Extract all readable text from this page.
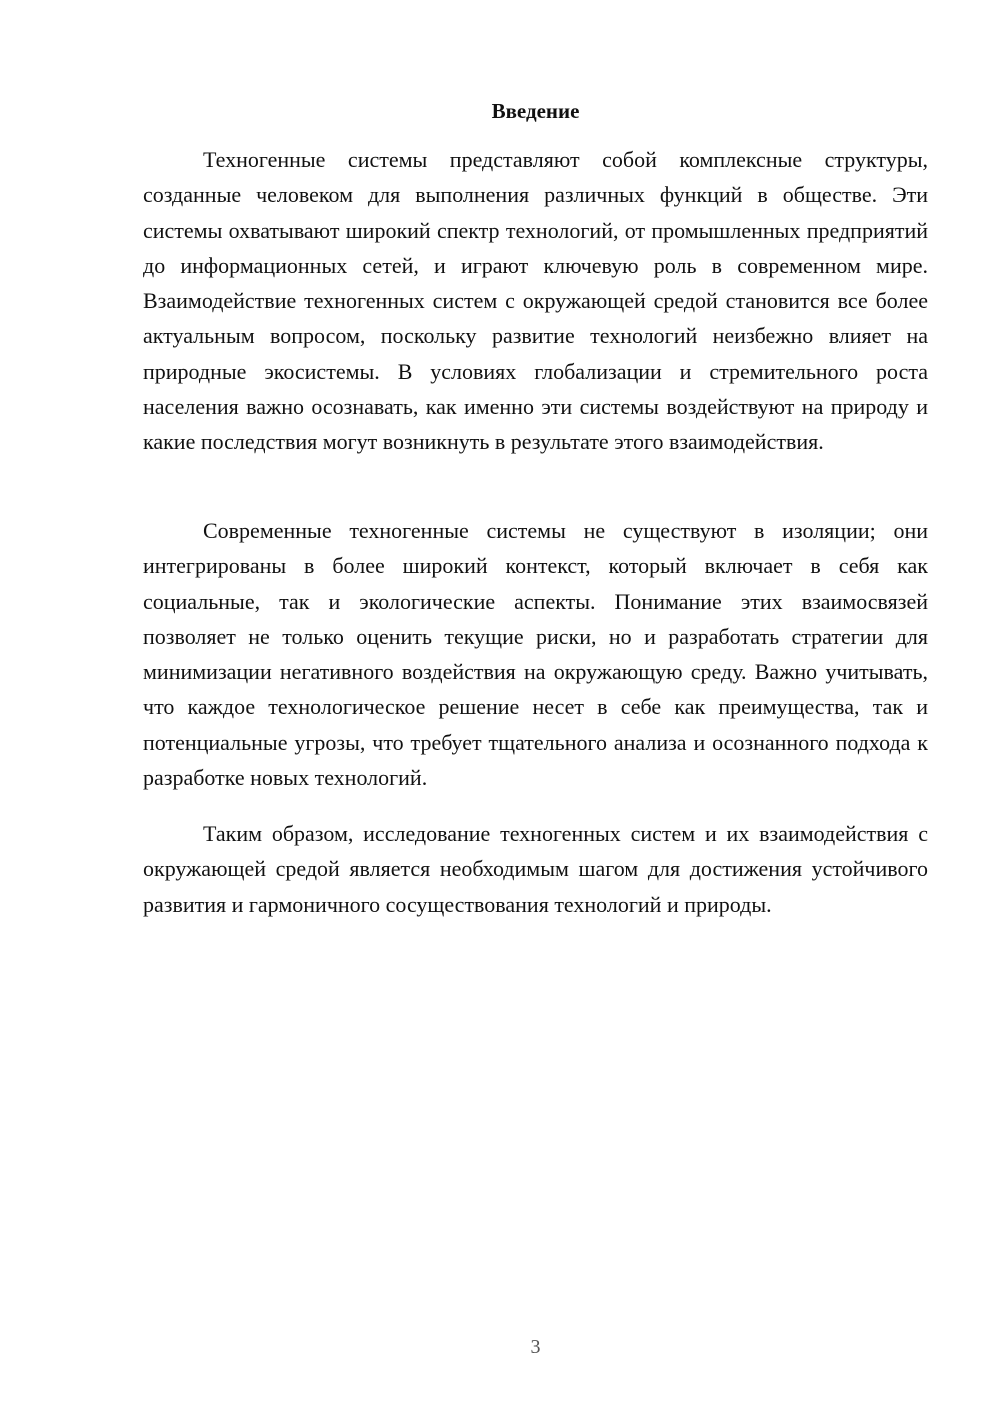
Введение

Техногенные системы представляют собой комплексные структуры, созданные человеком для выполнения различных функций в обществе. Эти системы охватывают широкий спектр технологий, от промышленных предприятий до информационных сетей, и играют ключевую роль в современном мире. Взаимодействие техногенных систем с окружающей средой становится все более актуальным вопросом, поскольку развитие технологий неизбежно влияет на природные экосистемы. В условиях глобализации и стремительного роста населения важно осознавать, как именно эти системы воздействуют на природу и какие последствия могут возникнуть в результате этого взаимодействия.

Современные техногенные системы не существуют в изоляции; они интегрированы в более широкий контекст, который включает в себя как социальные, так и экологические аспекты. Понимание этих взаимосвязей позволяет не только оценить текущие риски, но и разработать стратегии для минимизации негативного воздействия на окружающую среду. Важно учитывать, что каждое технологическое решение несет в себе как преимущества, так и потенциальные угрозы, что требует тщательного анализа и осознанного подхода к разработке новых технологий.

Таким образом, исследование техногенных систем и их взаимодействия с окружающей средой является необходимым шагом для достижения устойчивого развития и гармоничного сосуществования технологий и природы.

3
